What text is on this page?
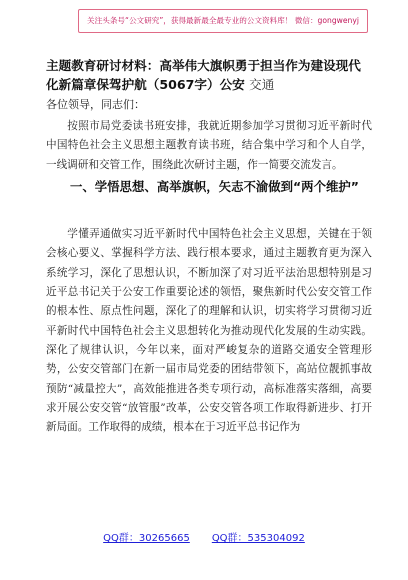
关注头条号“公文研究”，获得最新最全最专业的公文资料库！ 微信：gongwenyj
主题教育研讨材料：高举伟大旗帜勇于担当作为建设现代化新篇章保驾护航（5067字）公安 交通
各位领导，同志们：

按照市局党委读书班安排，我就近期参加学习贯彻习近平新时代中国特色社会主义思想主题教育读书班，结合集中学习和个人自学，一线调研和交管工作，围绕此次研讨主题，作一简要交流发言。

一、学悟思想、高举旗帜，矢志不渝做到“两个维护”

学懂弄通做实习近平新时代中国特色社会主义思想，关键在于领会核心要义、掌握科学方法、践行根本要求，通过主题教育更为深入系统学习，深化了思想认识，不断加深了对习近平法治思想特别是习近平总书记关于公安工作重要论述的领悟，聚焦新时代公安交管工作的根本性、原点性问题，深化了的理解和认识，切实将学习贯彻习近平新时代中国特色社会主义思想转化为推动现代化发展的生动实践。深化了规律认识，今年以来，面对严峻复杂的道路交通安全管理形势，公安交管部门在新一届市局党委的团结带领下，高站位靓抓事故预防“减量控大”，高效能推进各类专项行动，高标准落实落细，高要求开展公安交管“放管服”改革，公安交管各项工作取得新进步、打开新局面。工作取得的成绩，根本在于习近平总书记作为

QQ群：30265665 QQ群：535304092
